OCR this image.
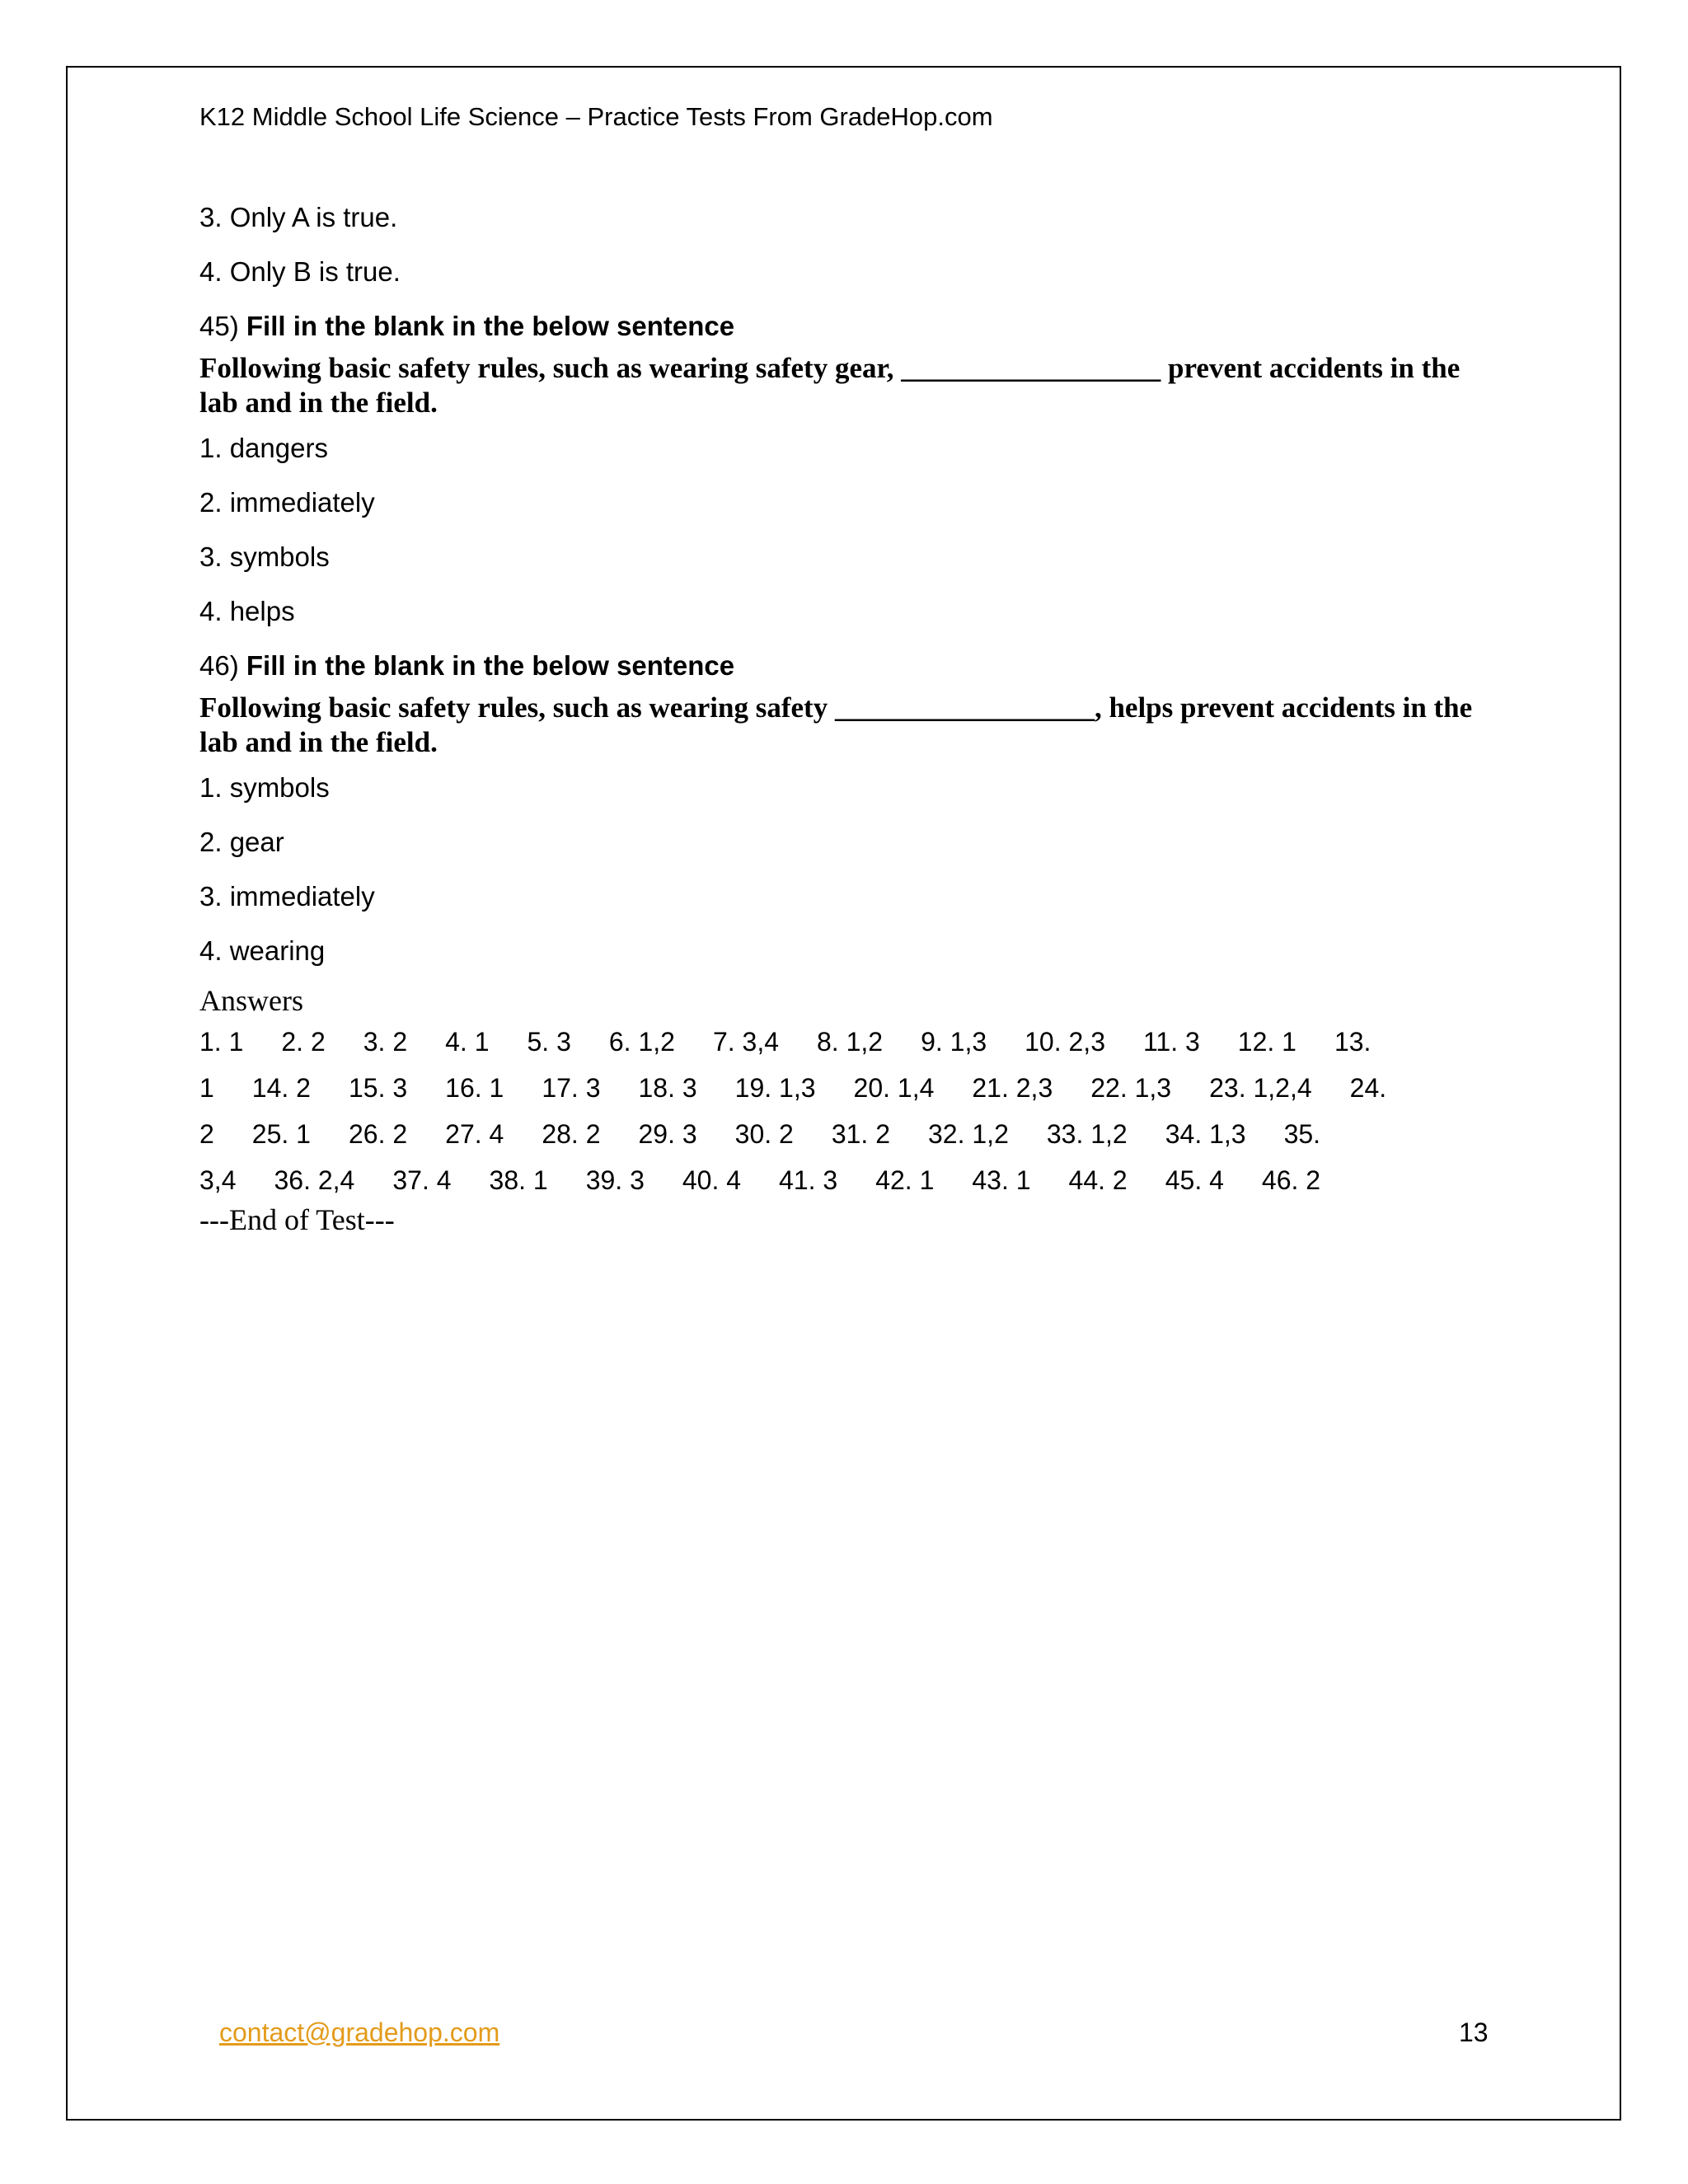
K12 Middle School Life Science – Practice Tests From GradeHop.com
3. Only A is true.
4. Only B is true.
45) Fill in the blank in the below sentence
Following basic safety rules, such as wearing safety gear, __________________ prevent accidents in the lab and in the field.
1. dangers
2. immediately
3. symbols
4. helps
46) Fill in the blank in the below sentence
Following basic safety rules, such as wearing safety __________________, helps prevent accidents in the lab and in the field.
1. symbols
2. gear
3. immediately
4. wearing
Answers
1. 1 2. 2 3. 2 4. 1 5. 3 6. 1,2 7. 3,4 8. 1,2 9. 1,3 10. 2,3 11. 3 12. 1 13.
1 14. 2 15. 3 16. 1 17. 3 18. 3 19. 1,3 20. 1,4 21. 2,3 22. 1,3 23. 1,2,4 24.
2 25. 1 26. 2 27. 4 28. 2 29. 3 30. 2 31. 2 32. 1,2 33. 1,2 34. 1,3 35.
3,4 36. 2,4 37. 4 38. 1 39. 3 40. 4 41. 3 42. 1 43. 1 44. 2 45. 4 46. 2
---End of Test---
contact@gradehop.com	13
